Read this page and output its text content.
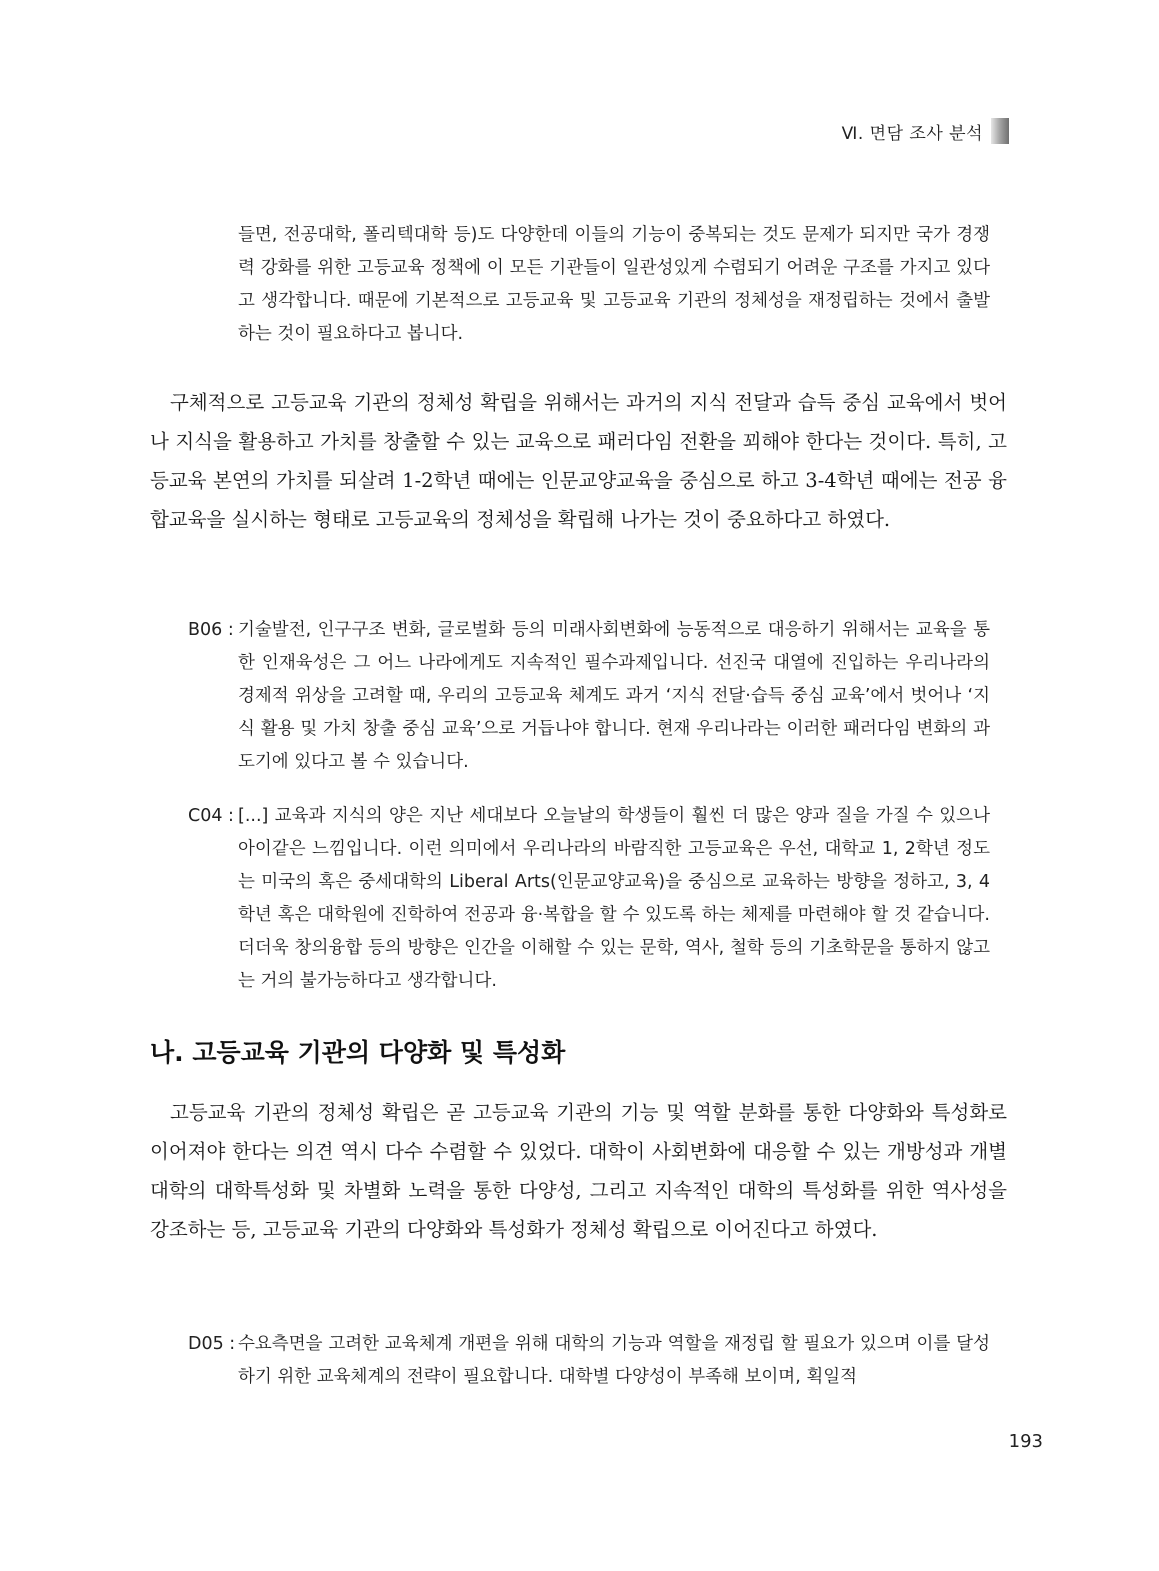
Ⅵ. 면담 조사 분석
들면, 전공대학, 폴리텍대학 등)도 다양한데 이들의 기능이 중복되는 것도 문제가 되지만 국가 경쟁력 강화를 위한 고등교육 정책에 이 모든 기관들이 일관성있게 수렴되기 어려운 구조를 가지고 있다고 생각합니다. 때문에 기본적으로 고등교육 및 고등교육 기관의 정체성을 재정립하는 것에서 출발하는 것이 필요하다고 봅니다.
구체적으로 고등교육 기관의 정체성 확립을 위해서는 과거의 지식 전달과 습득 중심 교육에서 벗어나 지식을 활용하고 가치를 창출할 수 있는 교육으로 패러다임 전환을 꾀해야 한다는 것이다. 특히, 고등교육 본연의 가치를 되살려 1-2학년 때에는 인문교양교육을 중심으로 하고 3-4학년 때에는 전공 융합교육을 실시하는 형태로 고등교육의 정체성을 확립해 나가는 것이 중요하다고 하였다.
B06 : 기술발전, 인구구조 변화, 글로벌화 등의 미래사회변화에 능동적으로 대응하기 위해서는 교육을 통한 인재육성은 그 어느 나라에게도 지속적인 필수과제입니다. 선진국 대열에 진입하는 우리나라의 경제적 위상을 고려할 때, 우리의 고등교육 체계도 과거 ‘지식 전달·습득 중심 교육’에서 벗어나 ‘지식 활용 및 가치 창출 중심 교육’으로 거듭나야 합니다. 현재 우리나라는 이러한 패러다임 변화의 과도기에 있다고 볼 수 있습니다.
C04 : [...] 교육과 지식의 양은 지난 세대보다 오늘날의 학생들이 훨씬 더 많은 양과 질을 가질 수 있으나 아이같은 느낌입니다. 이런 의미에서 우리나라의 바람직한 고등교육은 우선, 대학교 1, 2학년 정도는 미국의 혹은 중세대학의 Liberal Arts(인문교양교육)을 중심으로 교육하는 방향을 정하고, 3, 4학년 혹은 대학원에 진학하여 전공과 융·복합을 할 수 있도록 하는 체제를 마련해야 할 것 같습니다. 더더욱 창의융합 등의 방향은 인간을 이해할 수 있는 문학, 역사, 철학 등의 기초학문을 통하지 않고는 거의 불가능하다고 생각합니다.
나. 고등교육 기관의 다양화 및 특성화
고등교육 기관의 정체성 확립은 곧 고등교육 기관의 기능 및 역할 분화를 통한 다양화와 특성화로 이어져야 한다는 의견 역시 다수 수렴할 수 있었다. 대학이 사회변화에 대응할 수 있는 개방성과 개별대학의 대학특성화 및 차별화 노력을 통한 다양성, 그리고 지속적인 대학의 특성화를 위한 역사성을 강조하는 등, 고등교육 기관의 다양화와 특성화가 정체성 확립으로 이어진다고 하였다.
D05 : 수요측면을 고려한 교육체계 개편을 위해 대학의 기능과 역할을 재정립 할 필요가 있으며 이를 달성하기 위한 교육체계의 전략이 필요합니다. 대학별 다양성이 부족해 보이며, 획일적
193
